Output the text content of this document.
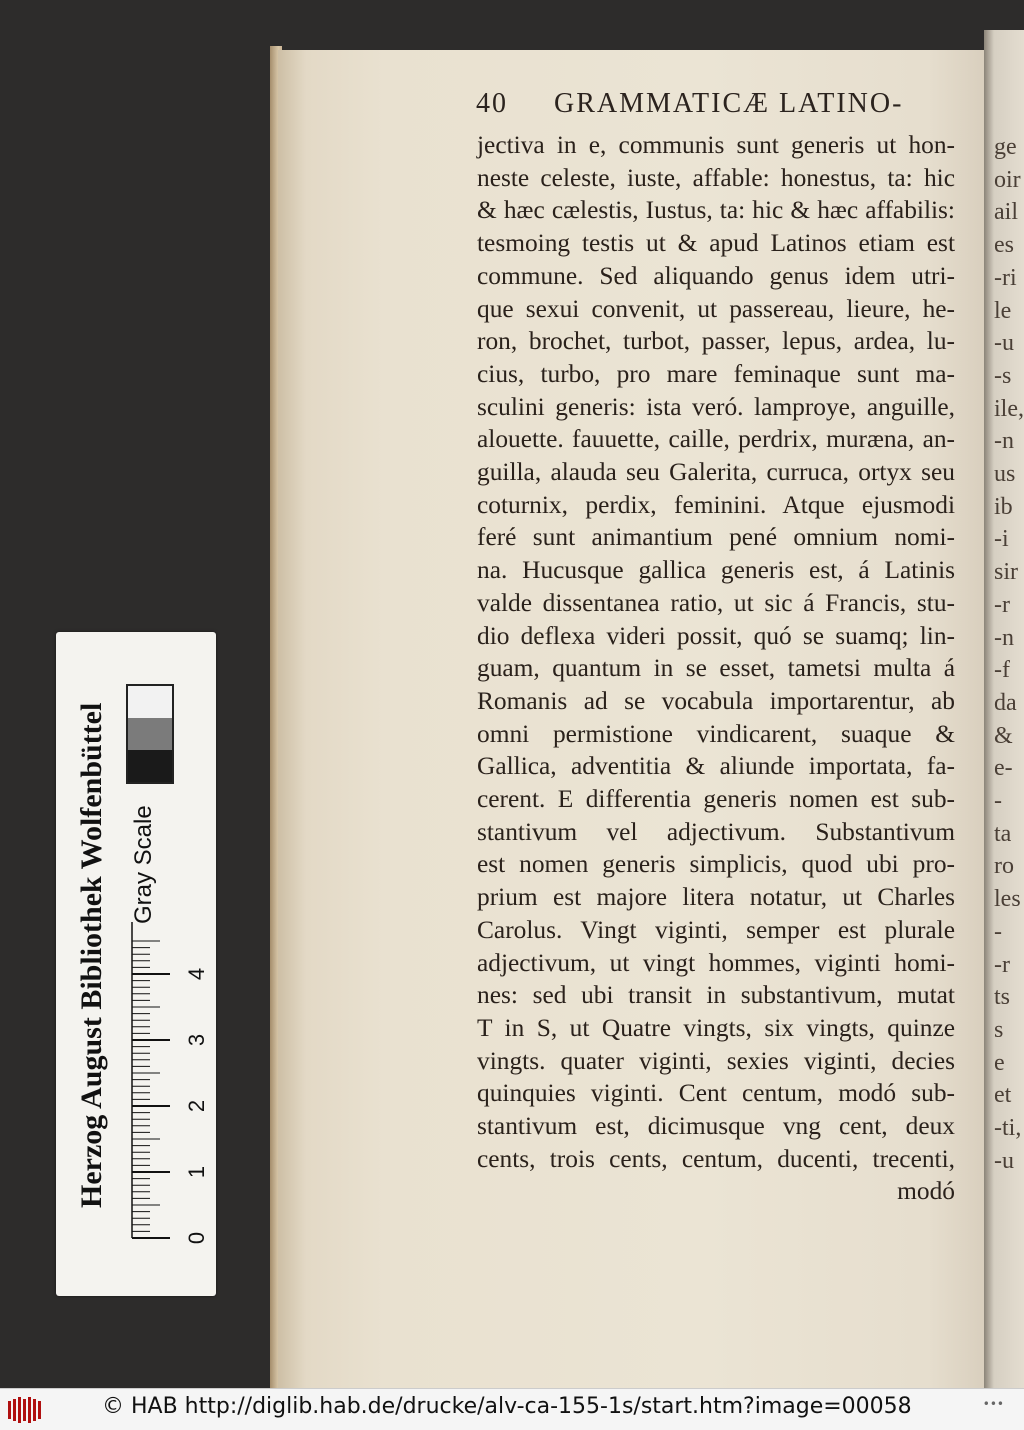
ge
oir
ail
es
-ri
le
-u
-s
ile,
-n
us
ib
-i
sir
-r
-n
-f
da
&
e-
-
ta
ro
les
-
-r
ts
s
e
et
-ti,
-u
40 GRAMMATICÆ LATINO-
jectiva in e, communis sunt generis ut hon-
neste celeste, iuste, affable: honestus, ta: hic
& hæc cælestis, Iustus, ta: hic & hæc affabilis:
tesmoing testis ut & apud Latinos etiam est
commune. Sed aliquando genus idem utri-
que sexui convenit, ut passereau, lieure, he-
ron, brochet, turbot, passer, lepus, ardea, lu-
cius, turbo, pro mare feminaque sunt ma-
sculini generis: ista veró. lamproye, anguille,
alouette. fauuette, caille, perdrix, muræna, an-
guilla, alauda seu Galerita, curruca, ortyx seu
coturnix, perdix, feminini. Atque ejusmodi
feré sunt animantium pené omnium nomi-
na. Hucusque gallica generis est, á Latinis
valde dissentanea ratio, ut sic á Francis, stu-
dio deflexa videri possit, quó se suamq; lin-
guam, quantum in se esset, tametsi multa á
Romanis ad se vocabula importarentur, ab
omni permistione vindicarent, suaque &
Gallica, adventitia & aliunde importata, fa-
cerent. E differentia generis nomen est sub-
stantivum vel adjectivum. Substantivum
est nomen generis simplicis, quod ubi pro-
prium est majore litera notatur, ut Charles
Carolus. Vingt viginti, semper est plurale
adjectivum, ut vingt hommes, viginti homi-
nes: sed ubi transit in substantivum, mutat
T in S, ut Quatre vingts, six vingts, quinze
vingts. quater viginti, sexies viginti, decies
quinquies viginti. Cent centum, modó sub-
stantivum est, dicimusque vng cent, deux
cents, trois cents, centum, ducenti, trecenti,
modó
Herzog August Bibliothek Wolfenbüttel Gray Scale
0
1
2
3
4
© HAB http://diglib.hab.de/drucke/alv-ca-155-1s/start.htm?image=00058	•••
